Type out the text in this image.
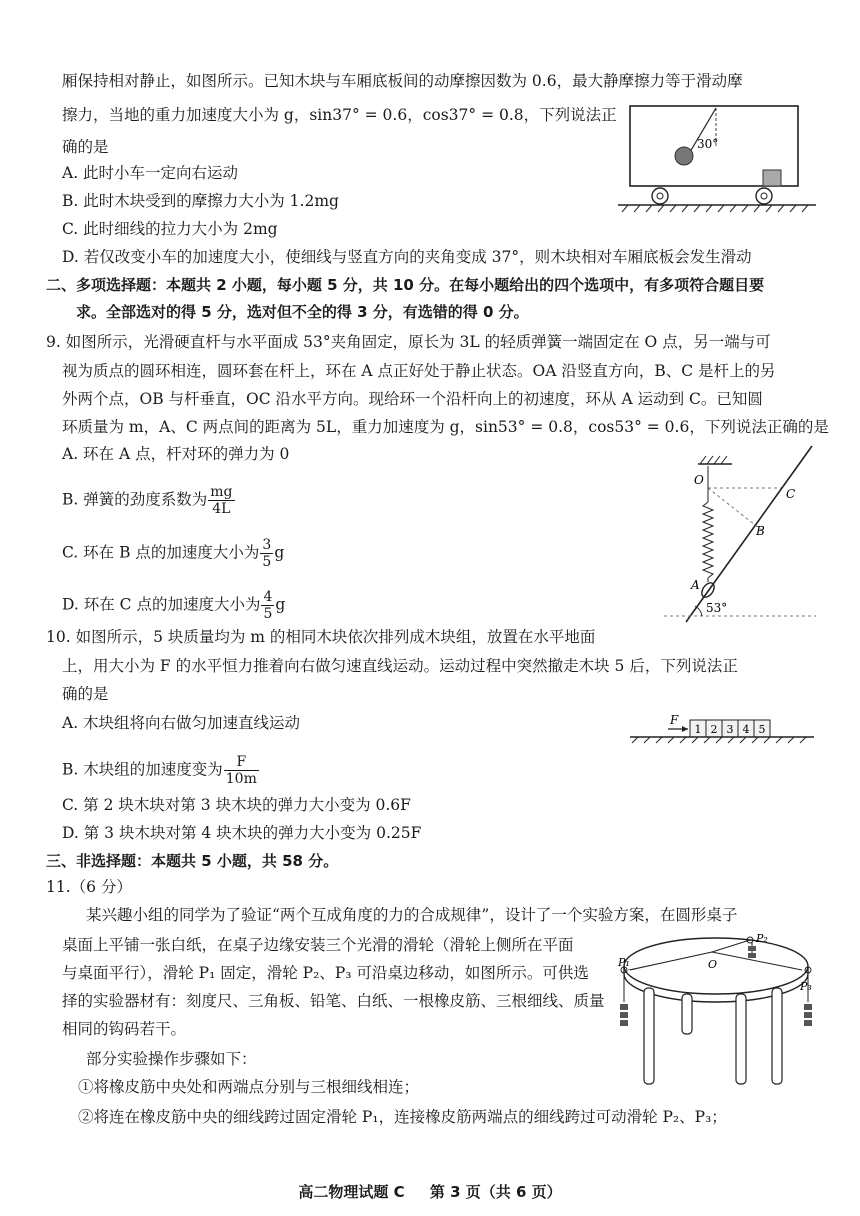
厢保持相对静止，如图所示。已知木块与车厢底板间的动摩擦因数为 0.6，最大静摩擦力等于滑动摩
擦力，当地的重力加速度大小为 g，sin37° = 0.6，cos37° = 0.8，下列说法正
确的是
A. 此时小车一定向右运动
B. 此时木块受到的摩擦力大小为 1.2mg
C. 此时细线的拉力大小为 2mg
D. 若仅改变小车的加速度大小，使细线与竖直方向的夹角变成 37°，则木块相对车厢底板会发生滑动
30°
二、多项选择题：本题共 2 小题，每小题 5 分，共 10 分。在每小题给出的四个选项中，有多项符合题目要
求。全部选对的得 5 分，选对但不全的得 3 分，有选错的得 0 分。
9. 如图所示，光滑硬直杆与水平面成 53°夹角固定，原长为 3L 的轻质弹簧一端固定在 O 点，另一端与可
视为质点的圆环相连，圆环套在杆上，环在 A 点正好处于静止状态。OA 沿竖直方向，B、C 是杆上的另
外两个点，OB 与杆垂直，OC 沿水平方向。现给环一个沿杆向上的初速度，环从 A 运动到 C。已知圆
环质量为 m，A、C 两点间的距离为 5L，重力加速度为 g，sin53° = 0.8，cos53° = 0.6，下列说法正确的是
A. 环在 A 点，杆对环的弹力为 0
B. 弹簧的劲度系数为 $\frac{mg}{4L}$
C. 环在 B 点的加速度大小为 $\frac{3}{5}$ g
D. 环在 C 点的加速度大小为 $\frac{4}{5}$ g
O
A
B
C
53°
10. 如图所示，5 块质量均为 m 的相同木块依次排列成木块组，放置在水平地面
上，用大小为 F 的水平恒力推着向右做匀速直线运动。运动过程中突然撤走木块 5 后，下列说法正
确的是
A. 木块组将向右做匀加速直线运动
B. 木块组的加速度变为 $\frac{F}{10m}$
C. 第 2 块木块对第 3 块木块的弹力大小变为 0.6F
D. 第 3 块木块对第 4 块木块的弹力大小变为 0.25F
F
1 2 3 4 5
三、非选择题：本题共 5 小题，共 58 分。
11.（6 分）
某兴趣小组的同学为了验证“两个互成角度的力的合成规律”，设计了一个实验方案，在圆形桌子
桌面上平铺一张白纸，在桌子边缘安装三个光滑的滑轮（滑轮上侧所在平面
与桌面平行），滑轮 P₁ 固定，滑轮 P₂、P₃ 可沿桌边移动，如图所示。可供选
择的实验器材有：刻度尺、三角板、铅笔、白纸、一根橡皮筋、三根细线、质量
相同的钩码若干。
部分实验操作步骤如下：
①将橡皮筋中央处和两端点分别与三根细线相连；
②将连在橡皮筋中央的细线跨过固定滑轮 P₁，连接橡皮筋两端点的细线跨过可动滑轮 P₂、P₃；
P₁
P₂
P₃
O
高二物理试题 C 第 3 页（共 6 页）
